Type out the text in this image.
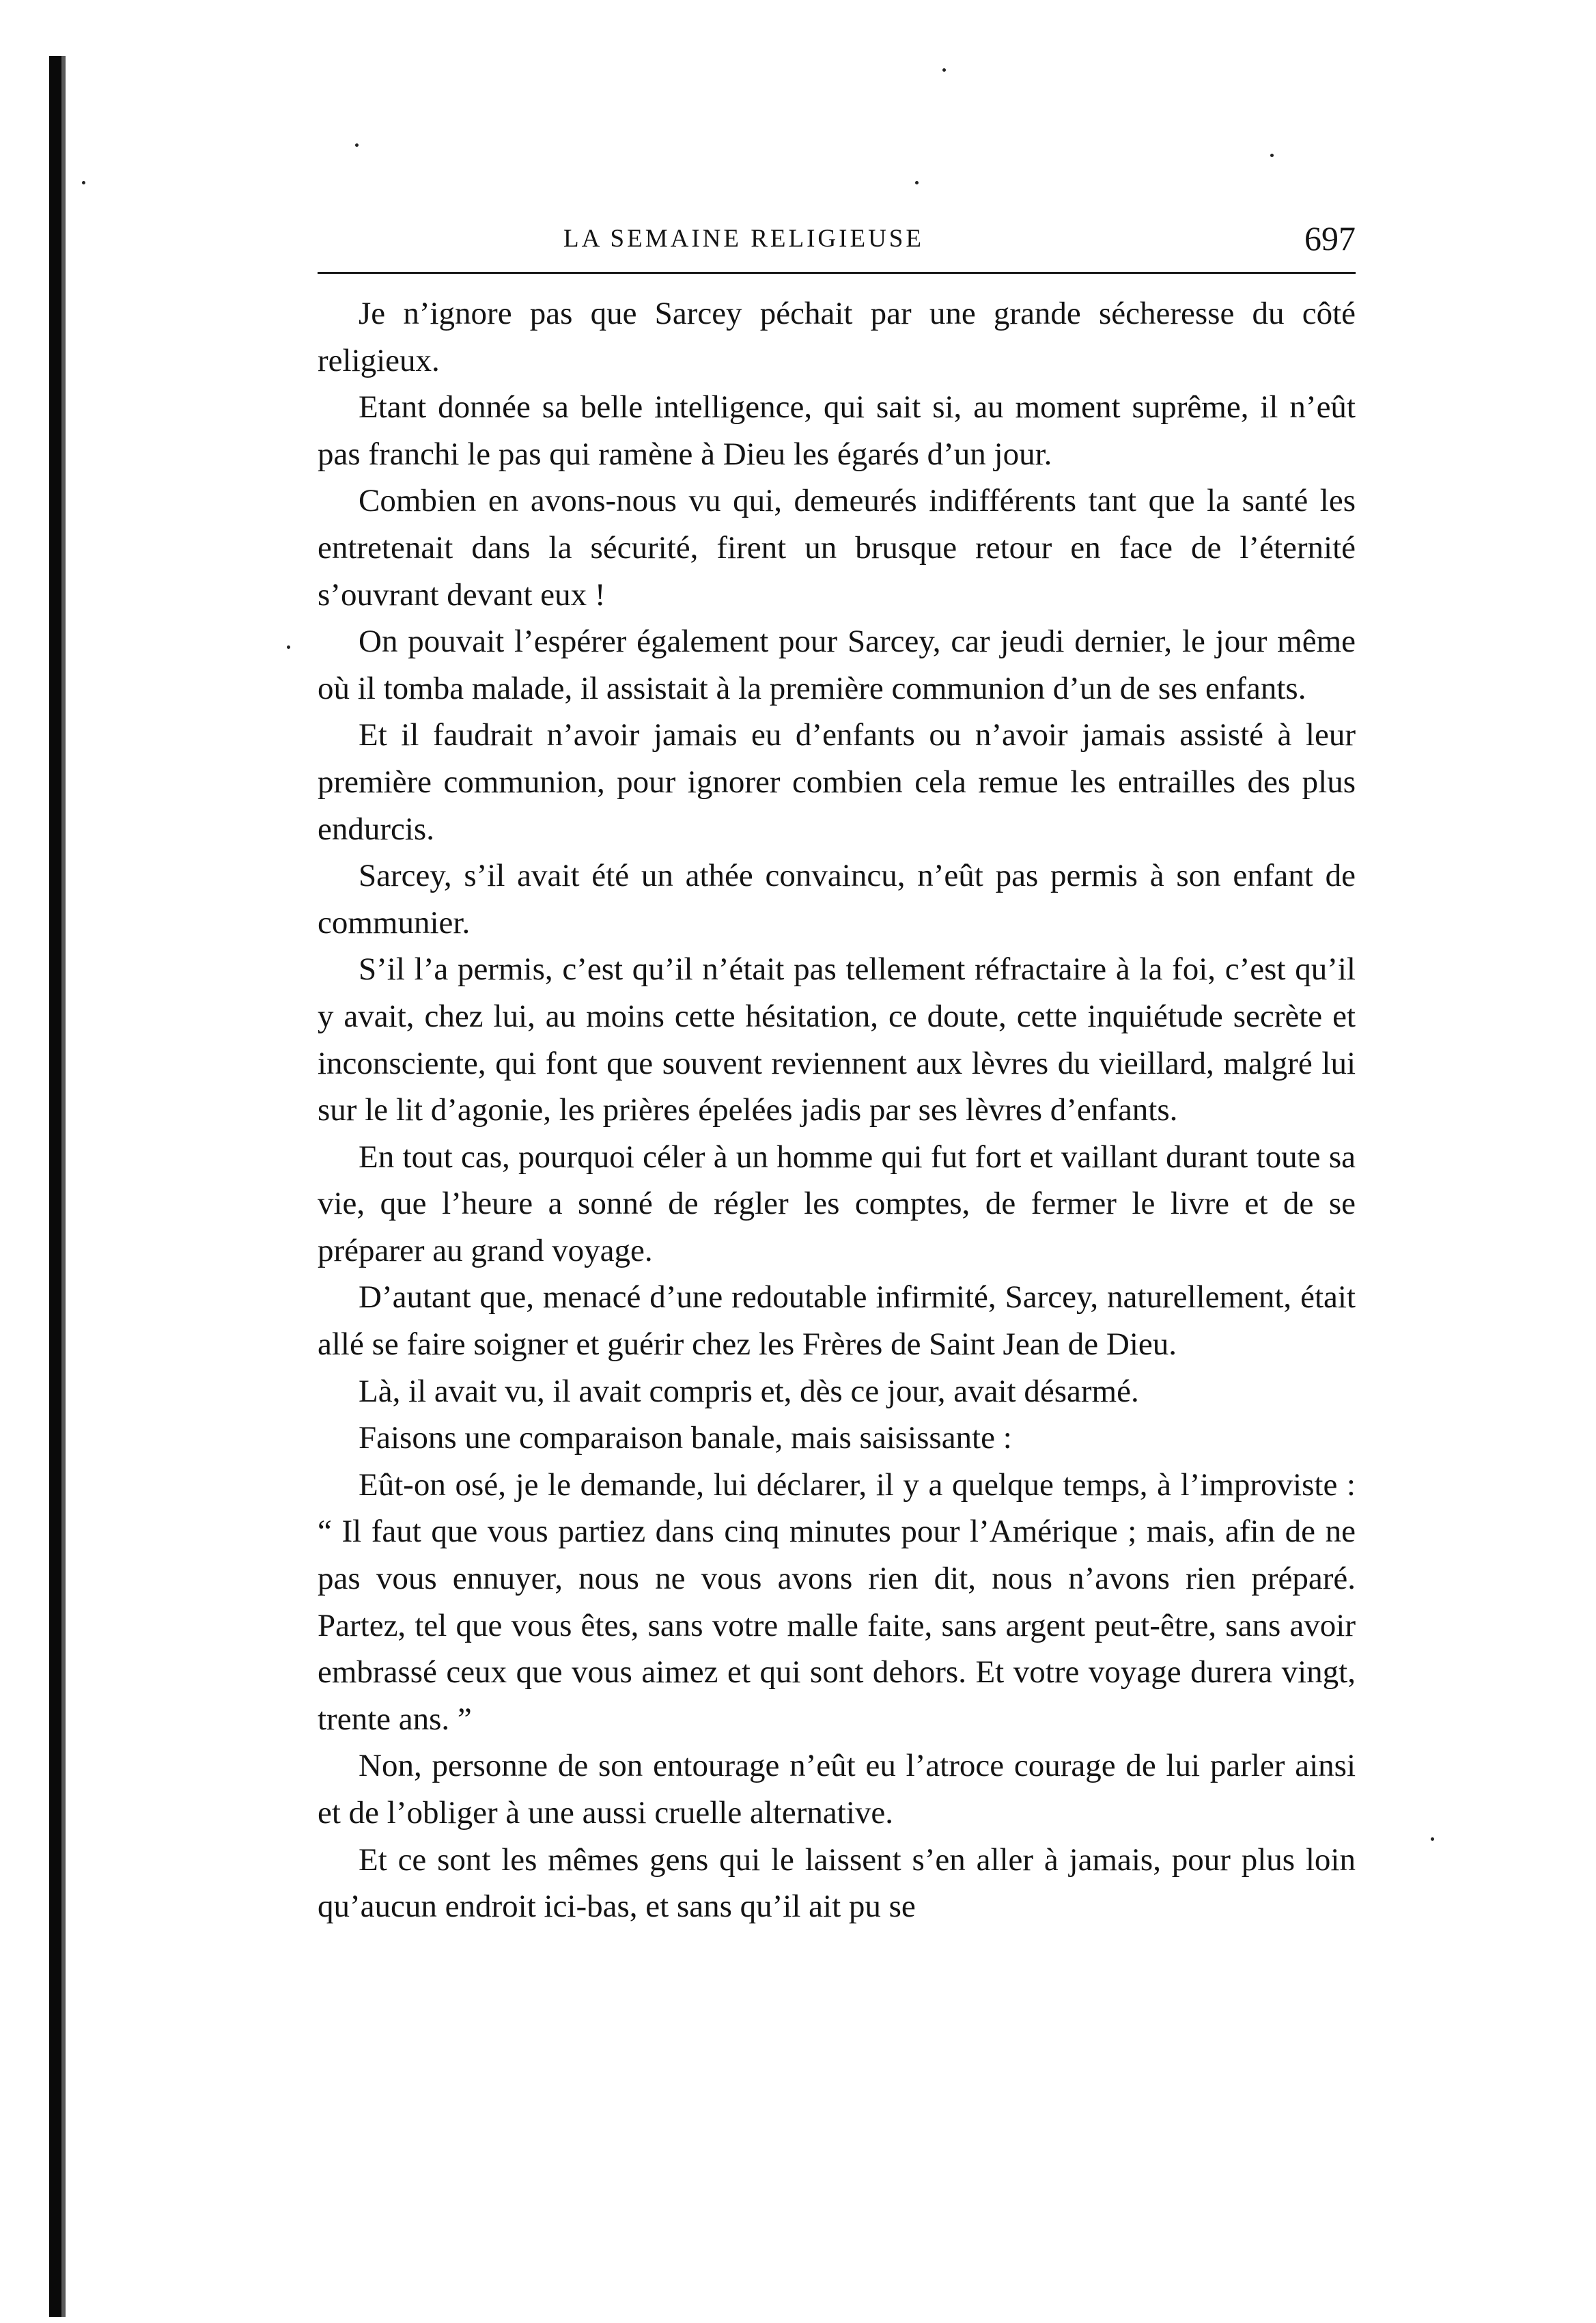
LA SEMAINE RELIGIEUSE	697

Je n’ignore pas que Sarcey péchait par une grande sécheresse du côté religieux.

Etant donnée sa belle intelligence, qui sait si, au moment suprême, il n’eût pas franchi le pas qui ramène à Dieu les égarés d’un jour.

Combien en avons-nous vu qui, demeurés indifférents tant que la santé les entretenait dans la sécurité, firent un brusque retour en face de l’éternité s’ouvrant devant eux !

On pouvait l’espérer également pour Sarcey, car jeudi dernier, le jour même où il tomba malade, il assistait à la première communion d’un de ses enfants.

Et il faudrait n’avoir jamais eu d’enfants ou n’avoir jamais assisté à leur première communion, pour ignorer combien cela remue les entrailles des plus endurcis.

Sarcey, s’il avait été un athée convaincu, n’eût pas permis à son enfant de communier.

S’il l’a permis, c’est qu’il n’était pas tellement réfractaire à la foi, c’est qu’il y avait, chez lui, au moins cette hésitation, ce doute, cette inquiétude secrète et inconsciente, qui font que souvent reviennent aux lèvres du vieillard, malgré lui sur le lit d’agonie, les prières épelées jadis par ses lèvres d’enfants.

En tout cas, pourquoi céler à un homme qui fut fort et vaillant durant toute sa vie, que l’heure a sonné de régler les comptes, de fermer le livre et de se préparer au grand voyage.

D’autant que, menacé d’une redoutable infirmité, Sarcey, naturellement, était allé se faire soigner et guérir chez les Frères de Saint Jean de Dieu.

Là, il avait vu, il avait compris et, dès ce jour, avait désarmé.

Faisons une comparaison banale, mais saisissante :

Eût-on osé, je le demande, lui déclarer, il y a quelque temps, à l’improviste : “ Il faut que vous partiez dans cinq minutes pour l’Amérique ; mais, afin de ne pas vous ennuyer, nous ne vous avons rien dit, nous n’avons rien préparé. Partez, tel que vous êtes, sans votre malle faite, sans argent peut-être, sans avoir embrassé ceux que vous aimez et qui sont dehors. Et votre voyage durera vingt, trente ans. ”

Non, personne de son entourage n’eût eu l’atroce courage de lui parler ainsi et de l’obliger à une aussi cruelle alternative.

Et ce sont les mêmes gens qui le laissent s’en aller à jamais, pour plus loin qu’aucun endroit ici-bas, et sans qu’il ait pu se
